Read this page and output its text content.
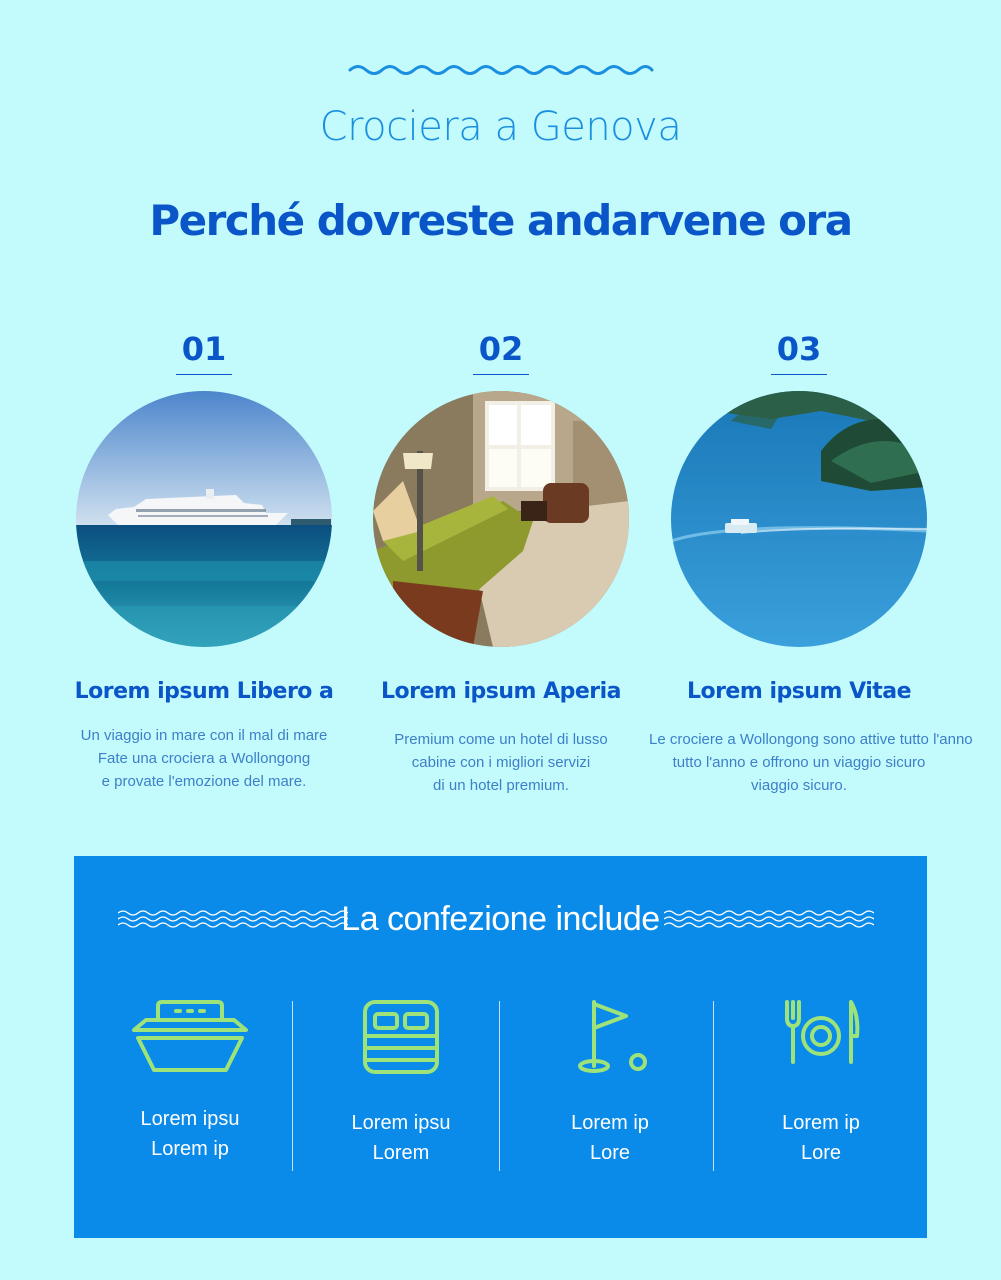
Crociera a Genova
Perché dovreste andarvene ora
01
Lorem ipsum Libero a
Un viaggio in mare con il mal di mare
Fate una crociera a Wollongong
e provate l'emozione del mare.
02
Lorem ipsum Aperia
Premium come un hotel di lusso
cabine con i migliori servizi
di un hotel premium.
03
Lorem ipsum Vitae
Le crociere a Wollongong sono attive tutto l'anno
tutto l'anno e offrono un viaggio sicuro
viaggio sicuro.
La confezione include
Lorem ipsu
Lorem ip
Lorem ipsu
Lorem
Lorem ip
Lore
Lorem ip
Lore
